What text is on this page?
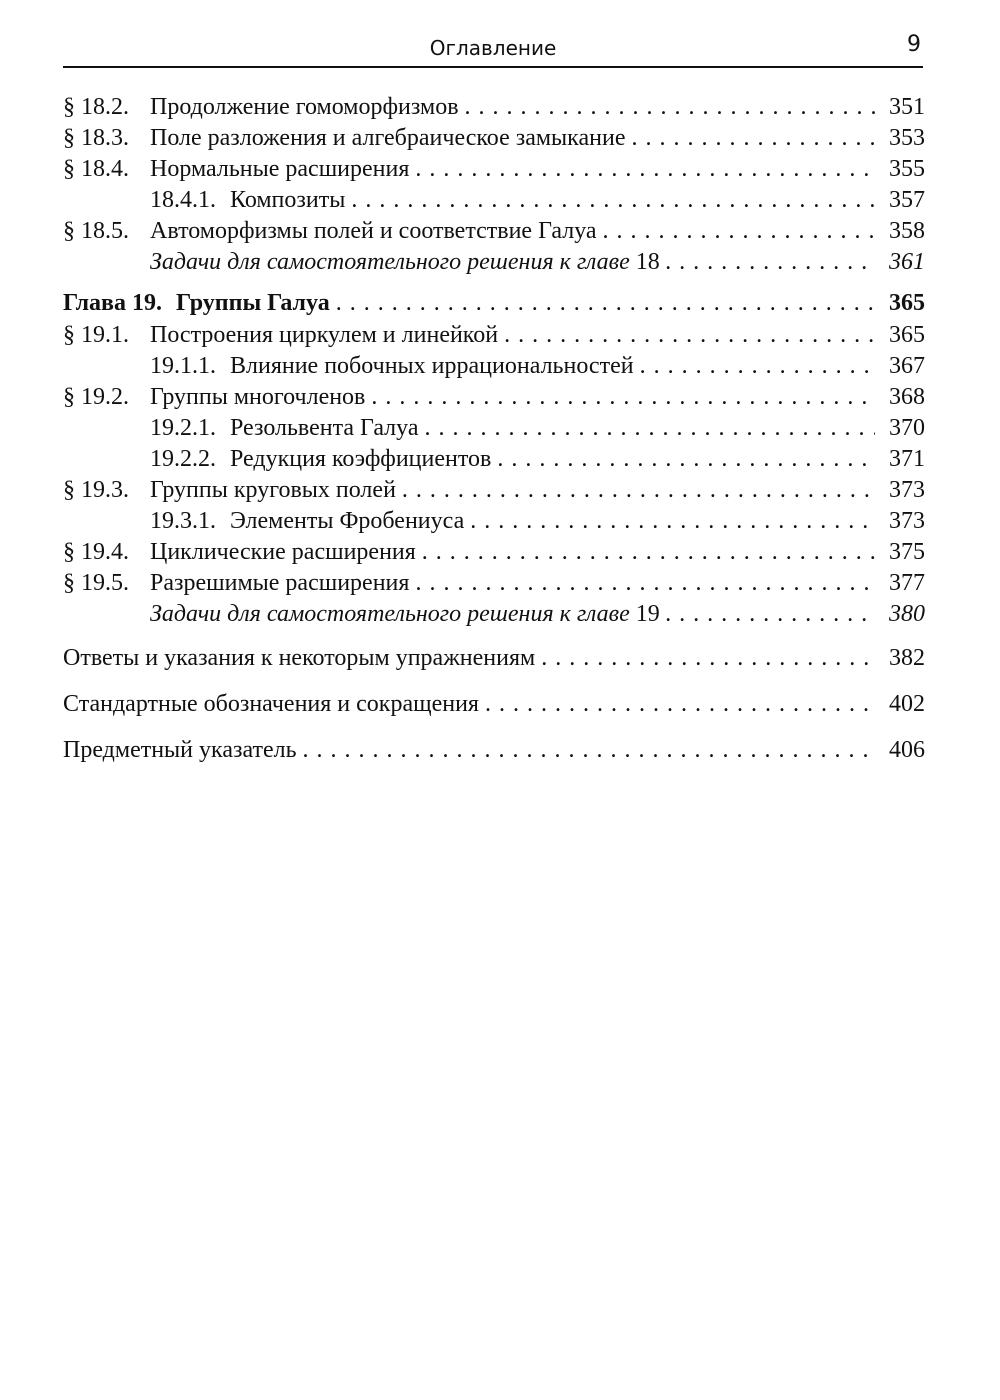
Оглавление	9
§ 18.2. Продолжение гомоморфизмов . . .	351
§ 18.3. Поле разложения и алгебраическое замыкание . . .	353
§ 18.4. Нормальные расширения . . .	355
18.4.1. Композиты . . .	357
§ 18.5. Автоморфизмы полей и соответствие Галуа . . .	358
Задачи для самостоятельного решения к главе 18 . . .	361
Глава 19. Группы Галуа . . .	365
§ 19.1. Построения циркулем и линейкой . . .	365
19.1.1. Влияние побочных иррациональностей . . .	367
§ 19.2. Группы многочленов . . .	368
19.2.1. Резольвента Галуа . . .	370
19.2.2. Редукция коэффициентов . . .	371
§ 19.3. Группы круговых полей . . .	373
19.3.1. Элементы Фробениуса . . .	373
§ 19.4. Циклические расширения . . .	375
§ 19.5. Разрешимые расширения . . .	377
Задачи для самостоятельного решения к главе 19 . . .	380
Ответы и указания к некоторым упражнениям . . .	382
Стандартные обозначения и сокращения . . .	402
Предметный указатель . . .	406
